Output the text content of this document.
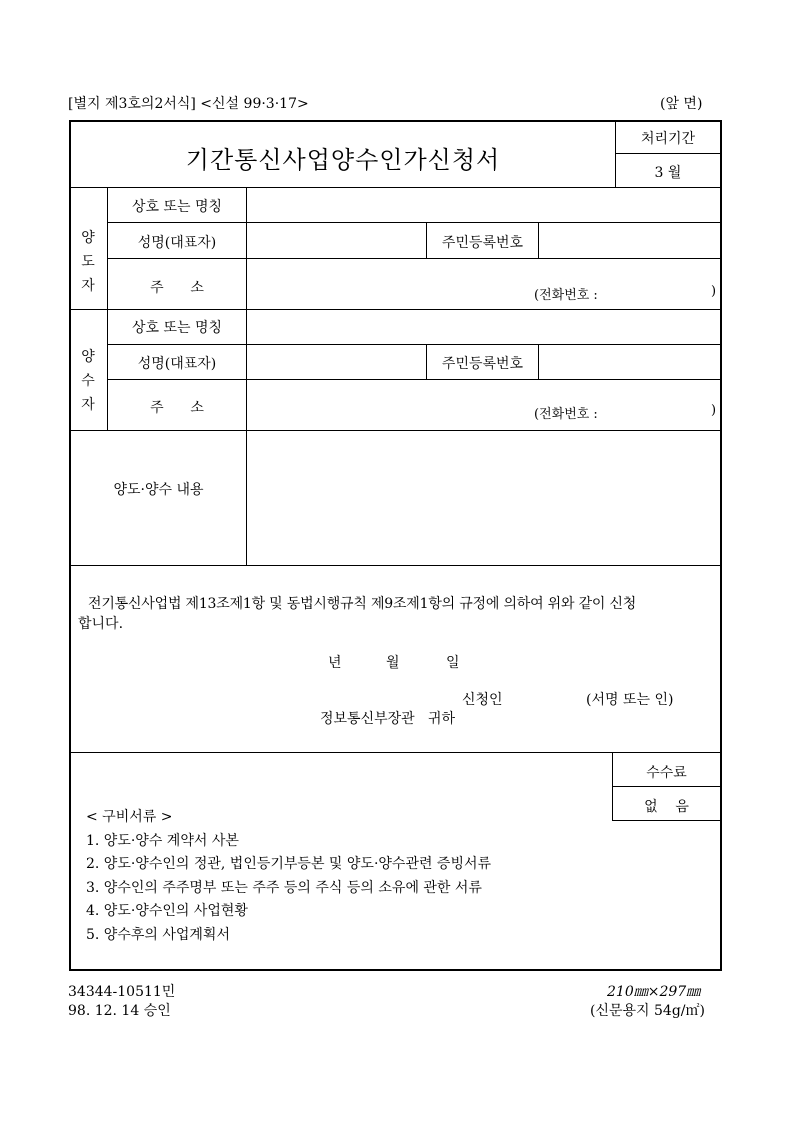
[별지 제3호의2서식] <신설 99·3·17>	(앞 면)
기간통신사업양수인가신청서
처리기간
3 월
양
도
자
상호 또는 명칭
성명(대표자)	주민등록번호
주      소	(전화번호 :	)
양
수
자
상호 또는 명칭
성명(대표자)	주민등록번호
주      소	(전화번호 :	)
양도·양수 내용
전기통신사업법 제13조제1항 및 동법시행규칙 제9조제1항의 규정에 의하여 위와 같이 신청
합니다.
년	월	일
신청인	(서명 또는 인)
정보통신부장관   귀하
수수료
없    음
< 구비서류 >
1. 양도·양수 계약서 사본
2. 양도·양수인의 정관, 법인등기부등본 및 양도·양수관련 증빙서류
3. 양수인의 주주명부 또는 주주 등의 주식 등의 소유에 관한 서류
4. 양도·양수인의 사업현황
5. 양수후의 사업계획서
34344-10511민
98. 12. 14 승인
210㎜×297㎜
(신문용지 54g/㎡)
